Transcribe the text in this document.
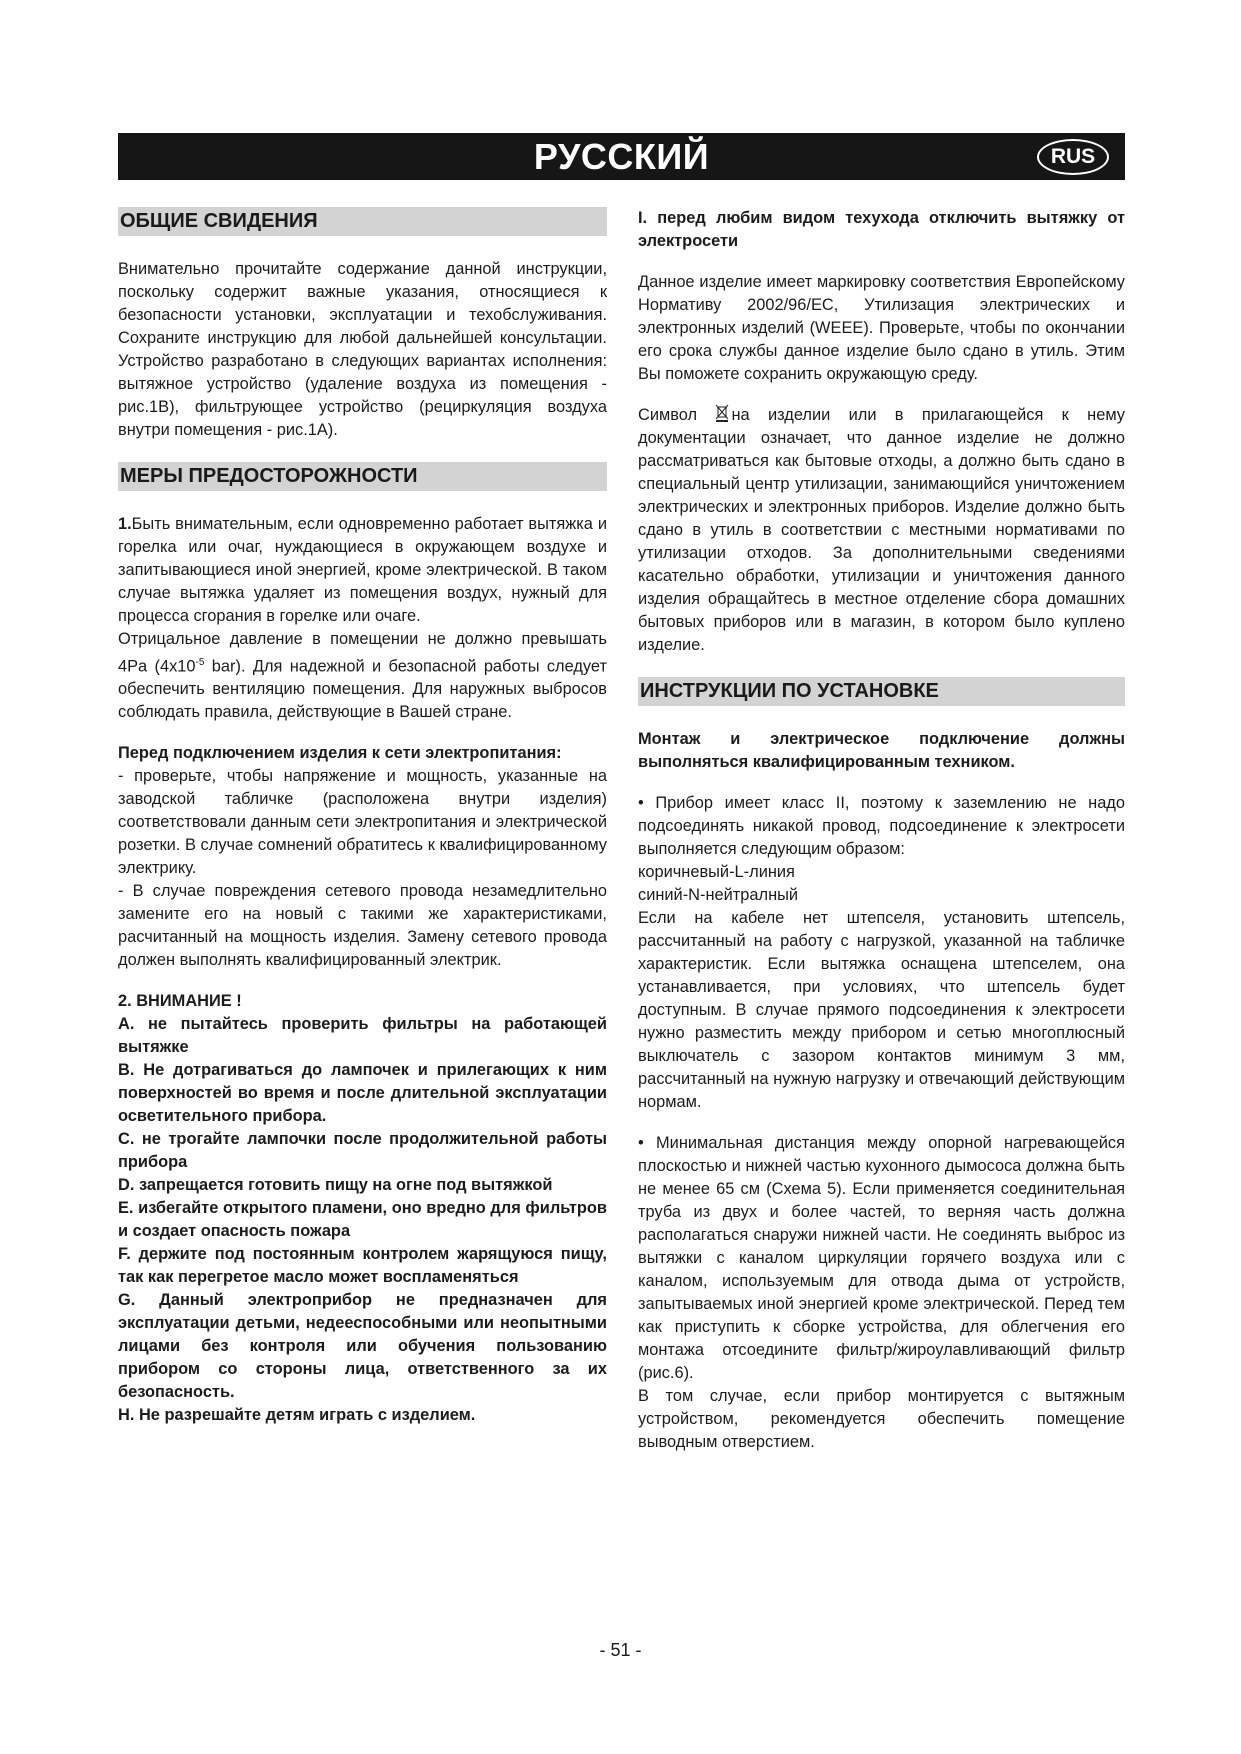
РУССКИЙ	RUS
ОБЩИЕ СВИДЕНИЯ

Внимательно прочитайте содержание данной инструкции, поскольку содержит важные указания, относящиеся к безопасности установки, эксплуатации и техобслуживания. Сохраните инструкцию для любой дальнейшей консультации. Устройство разработано в следующих вариантах исполнения: вытяжное устройство (удаление воздуха из помещения - рис.1В), фильтрующее устройство (рециркуляция воздуха внутри помещения - рис.1А).

МЕРЫ ПРЕДОСТОРОЖНОСТИ

1.Быть внимательным, если одновременно работает вытяжка и горелка или очаг, нуждающиеся в окружающем воздухе и запитывающиеся иной энергией, кроме электрической. В таком случае вытяжка удаляет из помещения воздух, нужный для процесса сгорания в горелке или очаге.

Отрицальное давление в помещении не должно превышать 4Pa ($4x10^{-5}$ bar). Для надежной и безопасной работы следует обеспечить вентиляцию помещения. Для наружных выбросов соблюдать правила, действующие в Вашей стране.

Перед подключением изделия к сети электропитания:

- проверьте, чтобы напряжение и мощность, указанные на заводской табличке (расположена внутри изделия) соответствовали данным сети электропитания и электрической розетки. В случае сомнений обратитесь к квалифицированному электрику.

- В случае повреждения сетевого провода незамедлительно замените его на новый с такими же характеристиками, расчитанный на мощность изделия. Замену сетевого провода должен выполнять квалифицированный электрик.

2. ВНИМАНИЕ !

A. не пытайтесь проверить фильтры на работающей вытяжке

B. Не дотрагиваться до лампочек и прилегающих к ним поверхностей во время и после длительной эксплуатации осветительного прибора.

C. не трогайте лампочки после продолжительной работы прибора

D. запрещается готовить пищу на огне под вытяжкой

E. избегайте открытого пламени, оно вредно для фильтров и создает опасность пожара

F. держите под постоянным контролем жарящуюся пищу, так как перегретое масло может воспламеняться

G. Данный электроприбор не предназначен для эксплуатации детьми, недееспособными или неопытными лицами без контроля или обучения пользованию прибором со стороны лица, ответственного за их безопасность.

H. Не разрешайте детям играть с изделием.

I. перед любим видом техухода отключить вытяжку от электросети

Данное изделие имеет маркировку соответствия Европейскому Нормативу 2002/96/ЕС, Утилизация электрических и электронных изделий (WEEE). Проверьте, чтобы по окончании его срока службы данное изделие было сдано в утиль. Этим Вы поможете сохранить окружающую среду.

Символ на изделии или в прилагающейся к нему документации означает, что данное изделие не должно рассматриваться как бытовые отходы, а должно быть сдано в специальный центр утилизации, занимающийся уничтожением электрических и электронных приборов. Изделие должно быть сдано в утиль в соответствии с местными нормативами по утилизации отходов. За дополнительными сведениями касательно обработки, утилизации и уничтожения данного изделия обращайтесь в местное отделение сбора домашних бытовых приборов или в магазин, в котором было куплено изделие.

ИНСТРУКЦИИ ПО УСТАНОВКЕ

Монтаж и электрическое подключение должны выполняться квалифицированным техником.

• Прибор имеет класс II, поэтому к заземлению не надо подсоединять никакой провод, подсоединение к электросети выполняется следующим образом:

коричневый-L-линия

синий-N-нейтралный

Если на кабеле нет штепселя, установить штепсель, рассчитанный на работу с нагрузкой, указанной на табличке характеристик. Если вытяжка оснащена штепселем, она устанавливается, при условиях, что штепсель будет доступным. В случае прямого подсоединения к электросети нужно разместить между прибором и сетью многоплюсный выключатель с зазором контактов минимум 3 мм, рассчитанный на нужную нагрузку и отвечающий действующим нормам.

• Минимальная дистанция между опорной нагревающейся плоскостью и нижней частью кухонного дымососа должна быть не менее 65 см (Схема 5). Если применяется соединительная труба из двух и более частей, то верняя часть должна располагаться снаружи нижней части. Не соединять выброс из вытяжки с каналом циркуляции горячего воздуха или с каналом, используемым для отвода дыма от устройств, запытываемых иной энергией кроме электрической. Перед тем как приступить к сборке устройства, для облегчения его монтажа отсоедините фильтр/жироулавливающий фильтр (рис.6).

В том случае, если прибор монтируется с вытяжным устройством, рекомендуется обеспечить помещение выводным отверстием.

- 51 -
